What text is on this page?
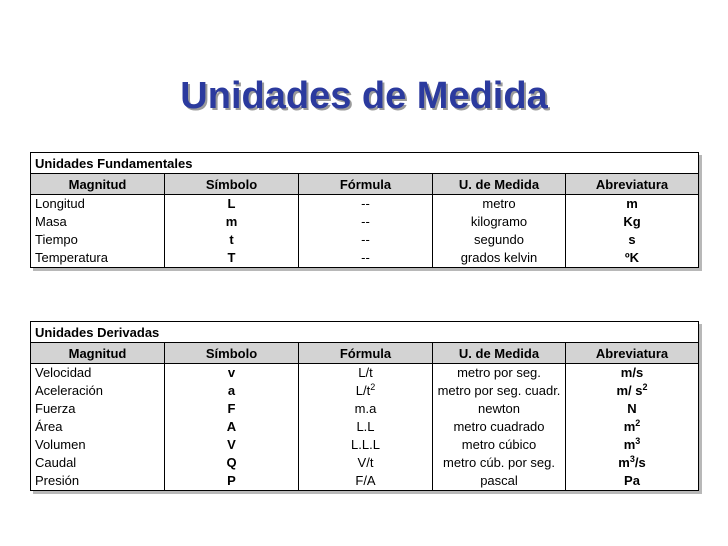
Unidades de Medida
Unidades Fundamentales				
Magnitud	Símbolo	Fórmula	U. de Medida	Abreviatura
Longitud	L	--	metro	m
Masa	m	--	kilogramo	Kg
Tiempo	t	--	segundo	s
Temperatura	T	--	grados kelvin	ºK
Unidades Derivadas				
Magnitud	Símbolo	Fórmula	U. de Medida	Abreviatura
Velocidad	v	L/t	metro por seg.	m/s
Aceleración	a	$L/t^2$	metro por seg. cuadr.	m/ $s^2$
Fuerza	F	m.a	newton	N
Área	A	L.L	metro cuadrado	$m^2$
Volumen	V	L.L.L	metro cúbico	$m^3$
Caudal	Q	V/t	metro cúb. por seg.	$m^3/s$
Presión	P	F/A	pascal	Pa
